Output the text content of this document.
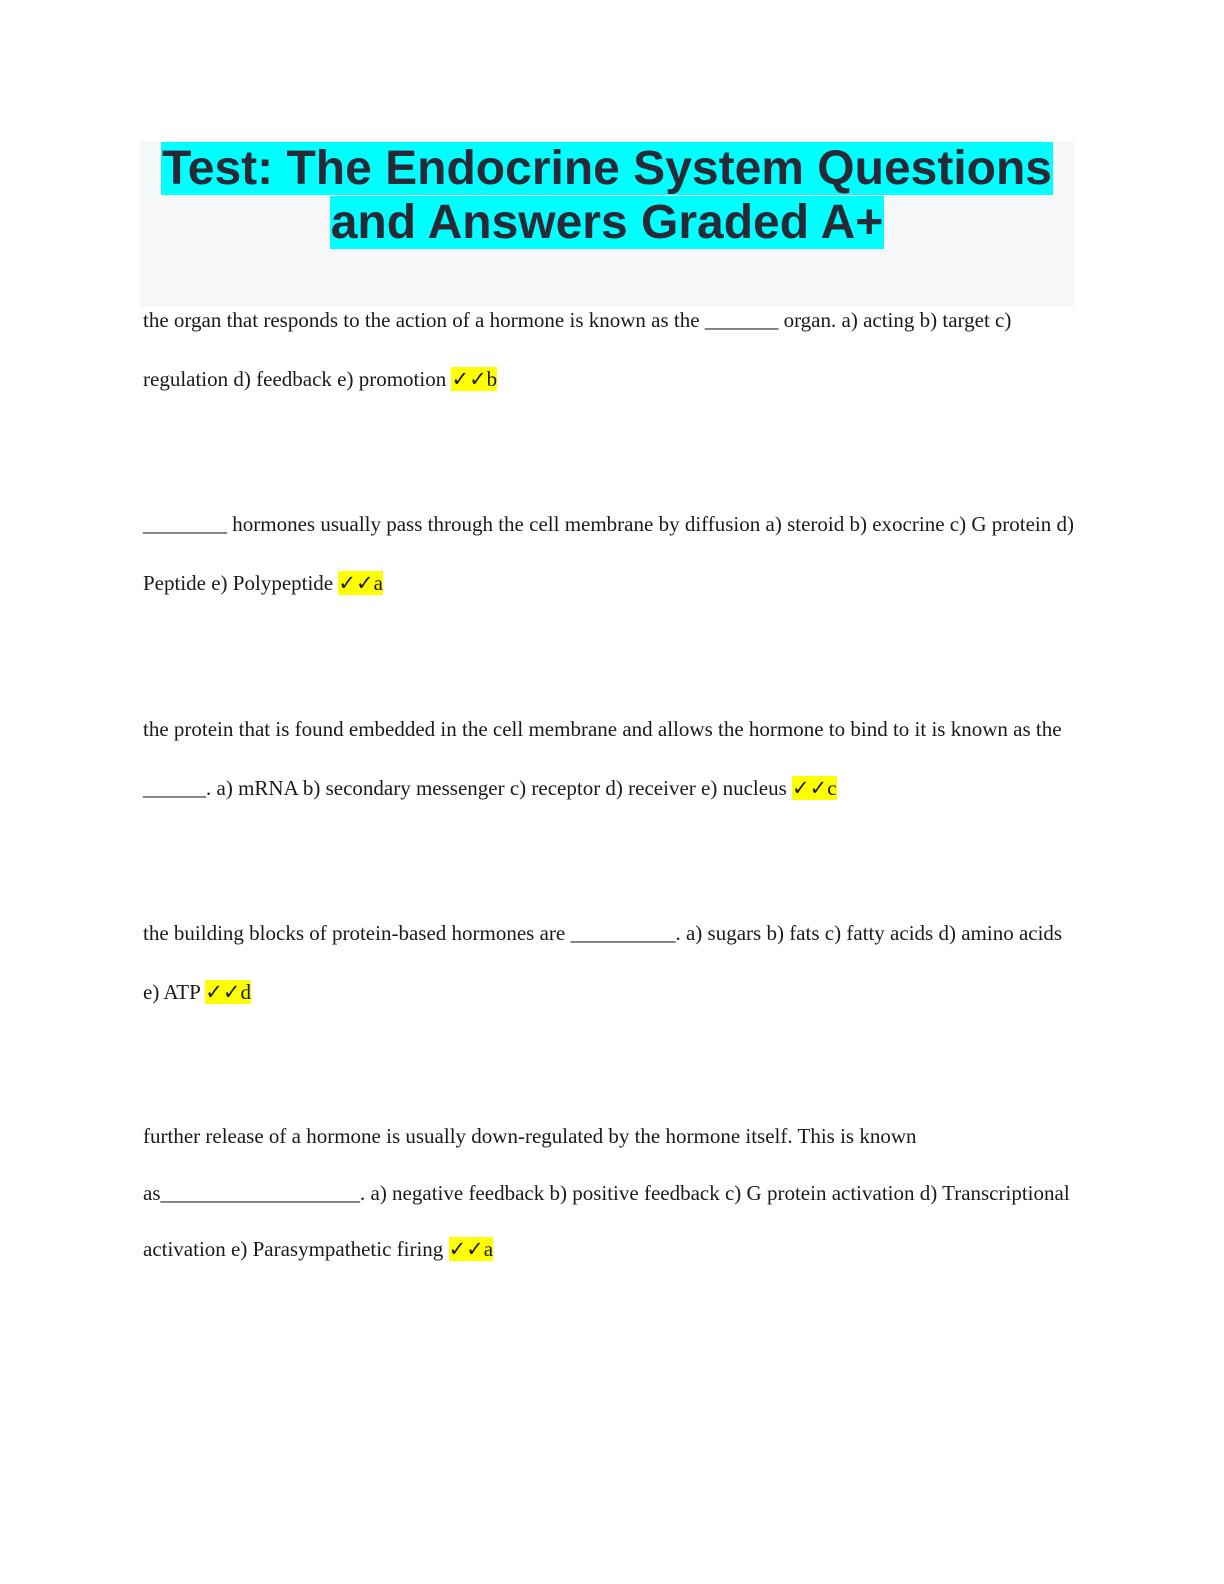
Test: The Endocrine System Questions
and Answers Graded A+

the organ that responds to the action of a hormone is known as the _______ organ. a) acting b) target c) regulation d) feedback e) promotion ✓✓b

________ hormones usually pass through the cell membrane by diffusion a) steroid b) exocrine c) G protein d) Peptide e) Polypeptide ✓✓a

the protein that is found embedded in the cell membrane and allows the hormone to bind to it is known as the ______. a) mRNA b) secondary messenger c) receptor d) receiver e) nucleus ✓✓c

the building blocks of protein-based hormones are __________. a) sugars b) fats c) fatty acids d) amino acids e) ATP ✓✓d

further release of a hormone is usually down-regulated by the hormone itself. This is known as___________________. a) negative feedback b) positive feedback c) G protein activation d) Transcriptional activation e) Parasympathetic firing ✓✓a
